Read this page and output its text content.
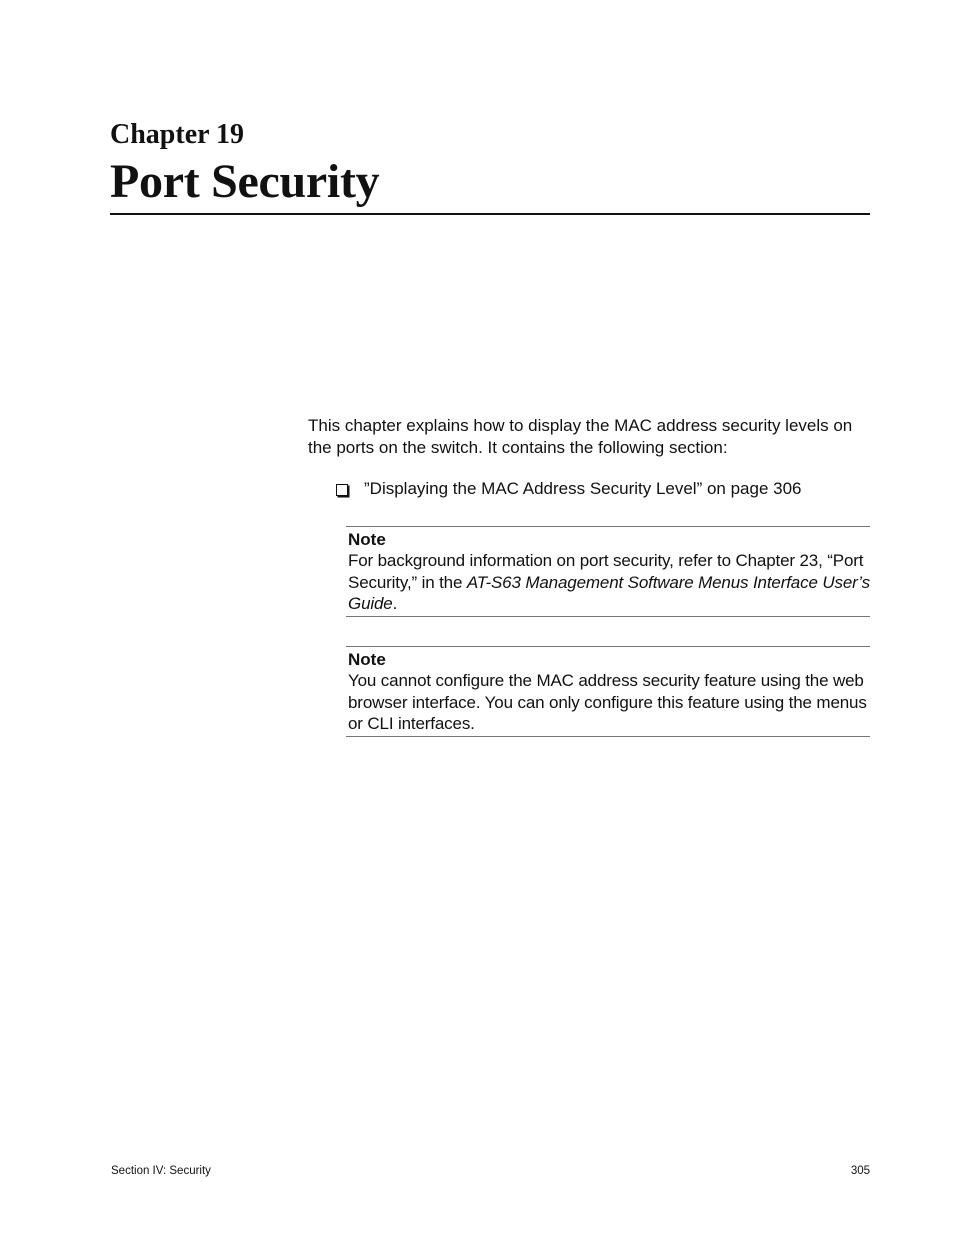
Chapter 19
Port Security

This chapter explains how to display the MAC address security levels on the ports on the switch. It contains the following section:

”Displaying the MAC Address Security Level” on page 306

Note

For background information on port security, refer to Chapter 23, “Port Security,” in the AT-S63 Management Software Menus Interface User’s Guide.

Note

You cannot configure the MAC address security feature using the web browser interface. You can only configure this feature using the menus or CLI interfaces.

Section IV: Security	305
